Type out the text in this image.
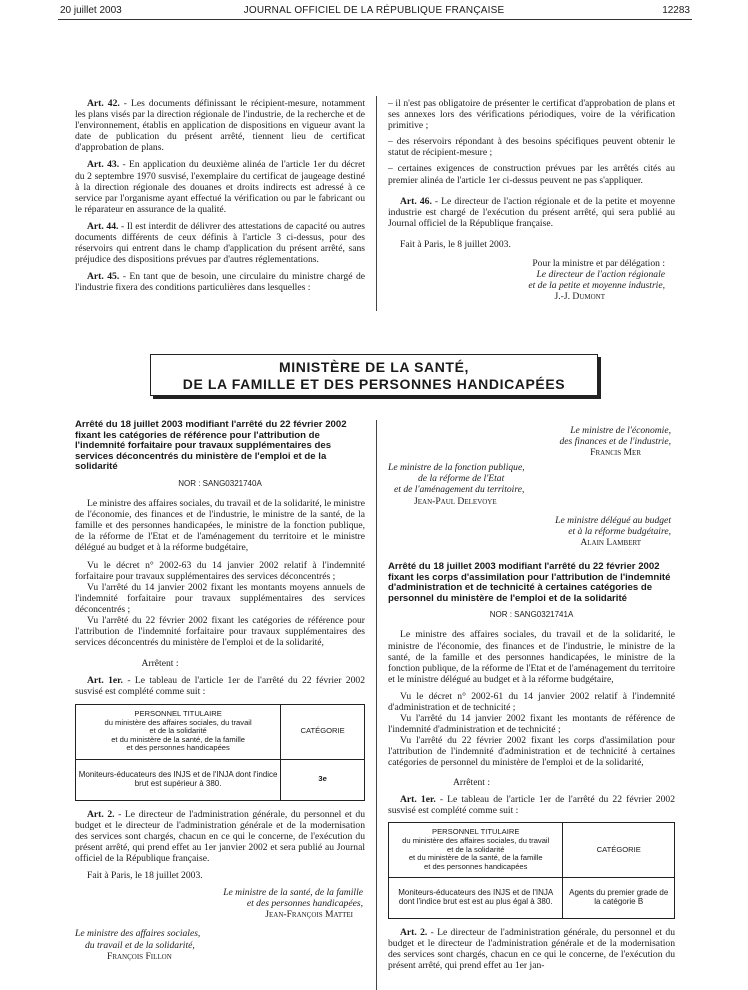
20 juillet 2003	JOURNAL OFFICIEL DE LA RÉPUBLIQUE FRANÇAISE	12283

Art. 42. - Les documents définissant le récipient-mesure, notamment les plans visés par la direction régionale de l'industrie, de la recherche et de l'environnement, établis en application de dispositions en vigueur avant la date de publication du présent arrêté, tiennent lieu de certificat d'approbation de plans.

Art. 43. - En application du deuxième alinéa de l'article 1er du décret du 2 septembre 1970 susvisé, l'exemplaire du certificat de jaugeage destiné à la direction régionale des douanes et droits indirects est adressé à ce service par l'organisme ayant effectué la vérification ou par le fabricant ou le réparateur en assurance de la qualité.

Art. 44. - Il est interdit de délivrer des attestations de capacité ou autres documents différents de ceux définis à l'article 3 ci-dessus, pour des réservoirs qui entrent dans le champ d'application du présent arrêté, sans préjudice des dispositions prévues par d'autres réglementations.

Art. 45. - En tant que de besoin, une circulaire du ministre chargé de l'industrie fixera des conditions particulières dans lesquelles :

– il n'est pas obligatoire de présenter le certificat d'approbation de plans et ses annexes lors des vérifications périodiques, voire de la vérification primitive ;
– des réservoirs répondant à des besoins spécifiques peuvent obtenir le statut de récipient-mesure ;
– certaines exigences de construction prévues par les arrêtés cités au premier alinéa de l'article 1er ci-dessus peuvent ne pas s'appliquer.

Art. 46. - Le directeur de l'action régionale et de la petite et moyenne industrie est chargé de l'exécution du présent arrêté, qui sera publié au Journal officiel de la République française.

Fait à Paris, le 8 juillet 2003.

Pour la ministre et par délégation :
Le directeur de l'action régionale
et de la petite et moyenne industrie,
J.-J. Dumont
MINISTÈRE DE LA SANTÉ,
DE LA FAMILLE ET DES PERSONNES HANDICAPÉES
Arrêté du 18 juillet 2003 modifiant l'arrêté du 22 février 2002 fixant les catégories de référence pour l'attribution de l'indemnité forfaitaire pour travaux supplémentaires des services déconcentrés du ministère de l'emploi et de la solidarité
NOR : SANG0321740A

Le ministre des affaires sociales, du travail et de la solidarité, le ministre de l'économie, des finances et de l'industrie, le ministre de la santé, de la famille et des personnes handicapées, le ministre de la fonction publique, de la réforme de l'Etat et de l'aménagement du territoire et le ministre délégué au budget et à la réforme budgétaire,

Vu le décret n° 2002-63 du 14 janvier 2002 relatif à l'indemnité forfaitaire pour travaux supplémentaires des services déconcentrés ;

Vu l'arrêté du 14 janvier 2002 fixant les montants moyens annuels de l'indemnité forfaitaire pour travaux supplémentaires des services déconcentrés ;

Vu l'arrêté du 22 février 2002 fixant les catégories de référence pour l'attribution de l'indemnité forfaitaire pour travaux supplémentaires des services déconcentrés du ministère de l'emploi et de la solidarité,

Arrêtent :

Art. 1er. - Le tableau de l'article 1er de l'arrêté du 22 février 2002 susvisé est complété comme suit :

PERSONNEL TITULAIRE
du ministère des affaires sociales, du travail
et de la solidarité
et du ministère de la santé, de la famille
et des personnes handicapées	CATÉGORIE
Moniteurs-éducateurs des INJS et de l'INJA dont l'indice brut est supérieur à 380.	3e

Art. 2. - Le directeur de l'administration générale, du personnel et du budget et le directeur de l'administration générale et de la modernisation des services sont chargés, chacun en ce qui le concerne, de l'exécution du présent arrêté, qui prend effet au 1er janvier 2002 et sera publié au Journal officiel de la République française.

Fait à Paris, le 18 juillet 2003.

Le ministre de la santé, de la famille
et des personnes handicapées,
Jean-François Mattei
Le ministre des affaires sociales,
du travail et de la solidarité,
François Fillon
Le ministre de l'économie,
des finances et de l'industrie,
Francis Mer
Le ministre de la fonction publique,
de la réforme de l'Etat
et de l'aménagement du territoire,
Jean-Paul Delevoye
Le ministre délégué au budget
et à la réforme budgétaire,
Alain Lambert
Arrêté du 18 juillet 2003 modifiant l'arrêté du 22 février 2002 fixant les corps d'assimilation pour l'attribution de l'indemnité d'administration et de technicité à certaines catégories de personnel du ministère de l'emploi et de la solidarité
NOR : SANG0321741A

Le ministre des affaires sociales, du travail et de la solidarité, le ministre de l'économie, des finances et de l'industrie, le ministre de la santé, de la famille et des personnes handicapées, le ministre de la fonction publique, de la réforme de l'Etat et de l'aménagement du territoire et le ministre délégué au budget et à la réforme budgétaire,

Vu le décret n° 2002-61 du 14 janvier 2002 relatif à l'indemnité d'administration et de technicité ;

Vu l'arrêté du 14 janvier 2002 fixant les montants de référence de l'indemnité d'administration et de technicité ;

Vu l'arrêté du 22 février 2002 fixant les corps d'assimilation pour l'attribution de l'indemnité d'administration et de technicité à certaines catégories de personnel du ministère de l'emploi et de la solidarité,

Arrêtent :

Art. 1er. - Le tableau de l'article 1er de l'arrêté du 22 février 2002 susvisé est complété comme suit :

PERSONNEL TITULAIRE
du ministère des affaires sociales, du travail
et de la solidarité
et du ministère de la santé, de la famille
et des personnes handicapées	CATÉGORIE
Moniteurs-éducateurs des INJS et de l'INJA dont l'indice brut est est au plus égal à 380.	Agents du premier grade de la catégorie B

Art. 2. - Le directeur de l'administration générale, du personnel et du budget et le directeur de l'administration générale et de la modernisation des services sont chargés, chacun en ce qui le concerne, de l'exécution du présent arrêté, qui prend effet au 1er jan-
